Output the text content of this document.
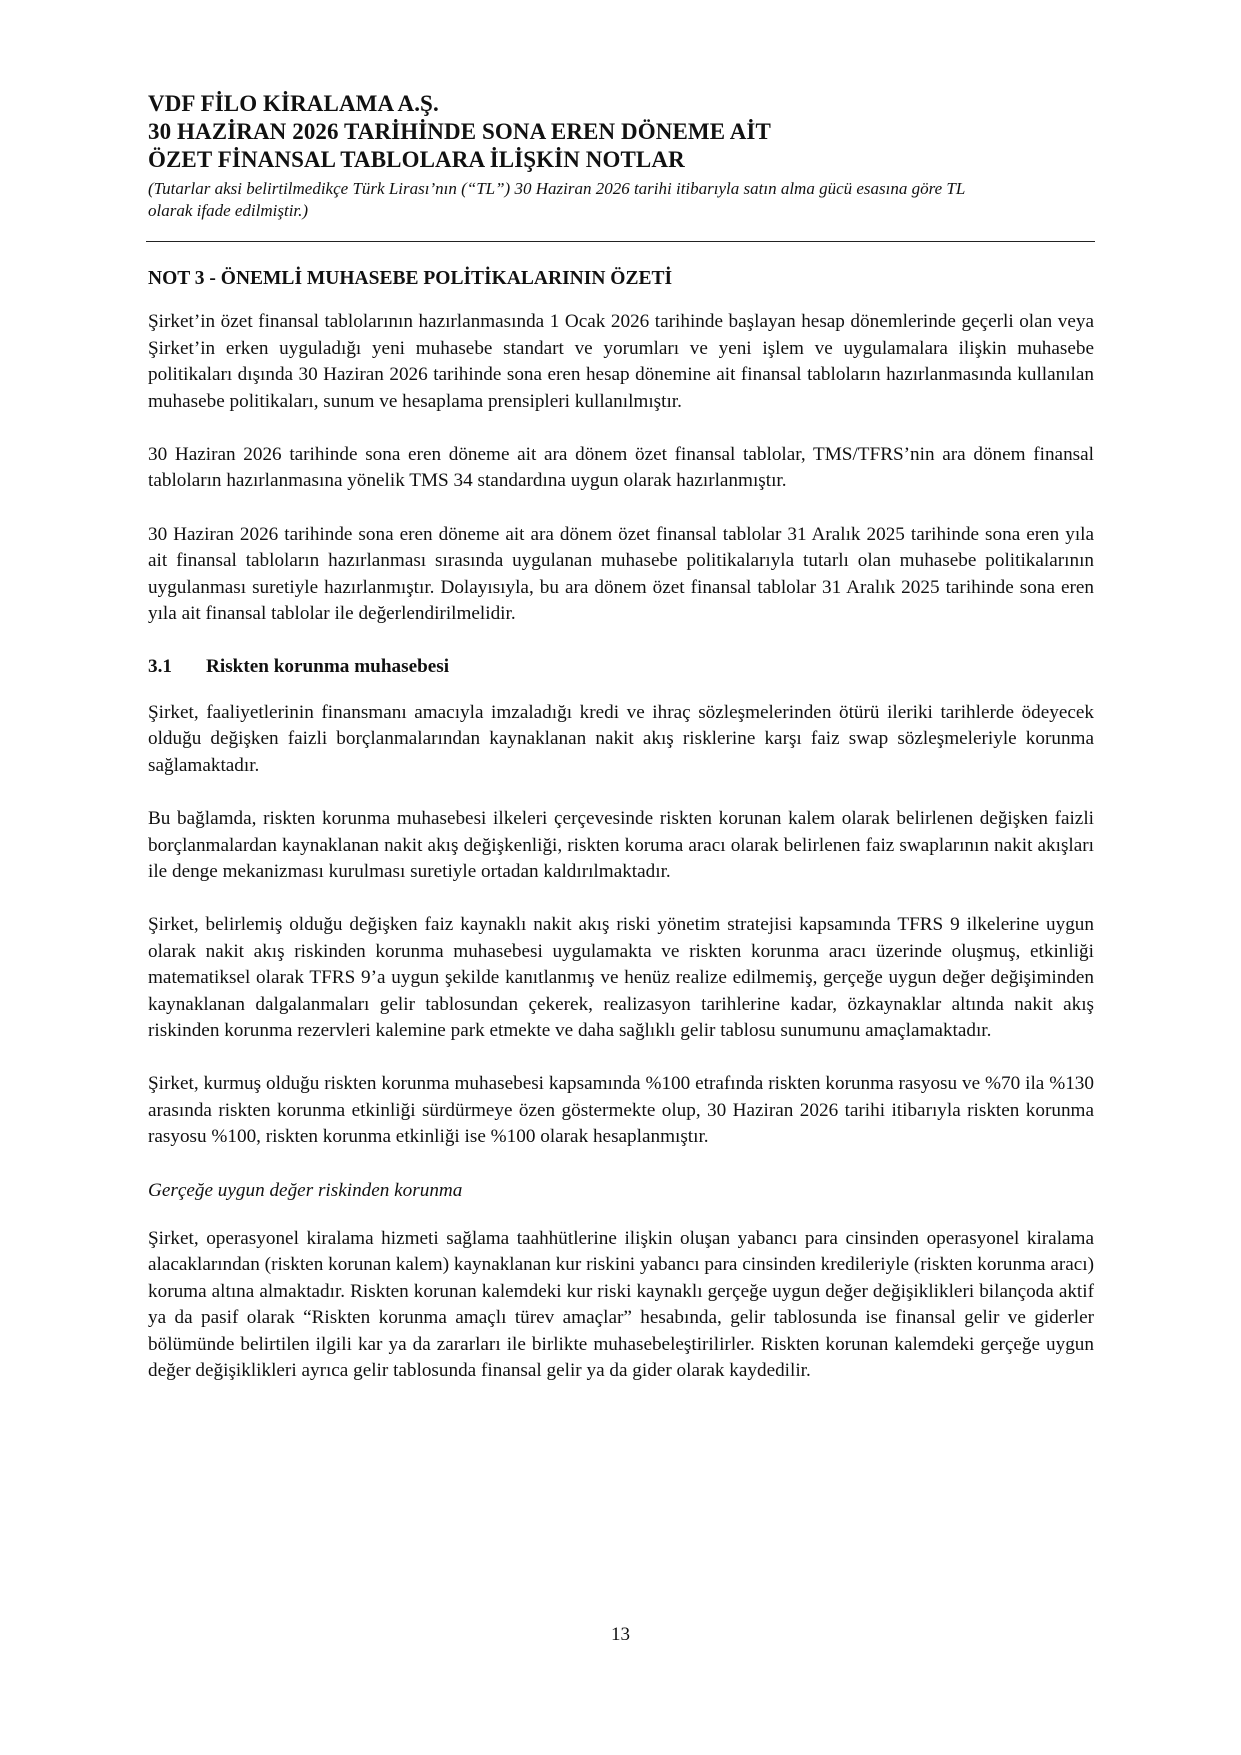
VDF FİLO KİRALAMA A.Ş.

30 HAZİRAN 2026 TARİHİNDE SONA EREN DÖNEME AİT

ÖZET FİNANSAL TABLOLARA İLİŞKİN NOTLAR

(Tutarlar aksi belirtilmedikçe Türk Lirası’nın (“TL”) 30 Haziran 2026 tarihi itibarıyla satın alma gücü esasına göre TL
olarak ifade edilmiştir.)

NOT 3 - ÖNEMLİ MUHASEBE POLİTİKALARININ ÖZETİ

Şirket’in özet finansal tablolarının hazırlanmasında 1 Ocak 2026 tarihinde başlayan hesap dönemlerinde geçerli olan veya Şirket’in erken uyguladığı yeni muhasebe standart ve yorumları ve yeni işlem ve uygulamalara ilişkin muhasebe politikaları dışında 30 Haziran 2026 tarihinde sona eren hesap dönemine ait finansal tabloların hazırlanmasında kullanılan muhasebe politikaları, sunum ve hesaplama prensipleri kullanılmıştır.

30 Haziran 2026 tarihinde sona eren döneme ait ara dönem özet finansal tablolar, TMS/TFRS’nin ara dönem finansal tabloların hazırlanmasına yönelik TMS 34 standardına uygun olarak hazırlanmıştır.

30 Haziran 2026 tarihinde sona eren döneme ait ara dönem özet finansal tablolar 31 Aralık 2025 tarihinde sona eren yıla ait finansal tabloların hazırlanması sırasında uygulanan muhasebe politikalarıyla tutarlı olan muhasebe politikalarının uygulanması suretiyle hazırlanmıştır. Dolayısıyla, bu ara dönem özet finansal tablolar 31 Aralık 2025 tarihinde sona eren yıla ait finansal tablolar ile değerlendirilmelidir.

3.1 Riskten korunma muhasebesi

Şirket, faaliyetlerinin finansmanı amacıyla imzaladığı kredi ve ihraç sözleşmelerinden ötürü ileriki tarihlerde ödeyecek olduğu değişken faizli borçlanmalarından kaynaklanan nakit akış risklerine karşı faiz swap sözleşmeleriyle korunma sağlamaktadır.

Bu bağlamda, riskten korunma muhasebesi ilkeleri çerçevesinde riskten korunan kalem olarak belirlenen değişken faizli borçlanmalardan kaynaklanan nakit akış değişkenliği, riskten koruma aracı olarak belirlenen faiz swaplarının nakit akışları ile denge mekanizması kurulması suretiyle ortadan kaldırılmaktadır.

Şirket, belirlemiş olduğu değişken faiz kaynaklı nakit akış riski yönetim stratejisi kapsamında TFRS 9 ilkelerine uygun olarak nakit akış riskinden korunma muhasebesi uygulamakta ve riskten korunma aracı üzerinde oluşmuş, etkinliği matematiksel olarak TFRS 9’a uygun şekilde kanıtlanmış ve henüz realize edilmemiş, gerçeğe uygun değer değişiminden kaynaklanan dalgalanmaları gelir tablosundan çekerek, realizasyon tarihlerine kadar, özkaynaklar altında nakit akış riskinden korunma rezervleri kalemine park etmekte ve daha sağlıklı gelir tablosu sunumunu amaçlamaktadır.

Şirket, kurmuş olduğu riskten korunma muhasebesi kapsamında %100 etrafında riskten korunma rasyosu ve %70 ila %130 arasında riskten korunma etkinliği sürdürmeye özen göstermekte olup, 30 Haziran 2026 tarihi itibarıyla riskten korunma rasyosu %100, riskten korunma etkinliği ise %100 olarak hesaplanmıştır.

Gerçeğe uygun değer riskinden korunma

Şirket, operasyonel kiralama hizmeti sağlama taahhütlerine ilişkin oluşan yabancı para cinsinden operasyonel kiralama alacaklarından (riskten korunan kalem) kaynaklanan kur riskini yabancı para cinsinden kredileriyle (riskten korunma aracı) koruma altına almaktadır. Riskten korunan kalemdeki kur riski kaynaklı gerçeğe uygun değer değişiklikleri bilançoda aktif ya da pasif olarak “Riskten korunma amaçlı türev amaçlar” hesabında, gelir tablosunda ise finansal gelir ve giderler bölümünde belirtilen ilgili kar ya da zararları ile birlikte muhasebeleştirilirler. Riskten korunan kalemdeki gerçeğe uygun değer değişiklikleri ayrıca gelir tablosunda finansal gelir ya da gider olarak kaydedilir.

13
